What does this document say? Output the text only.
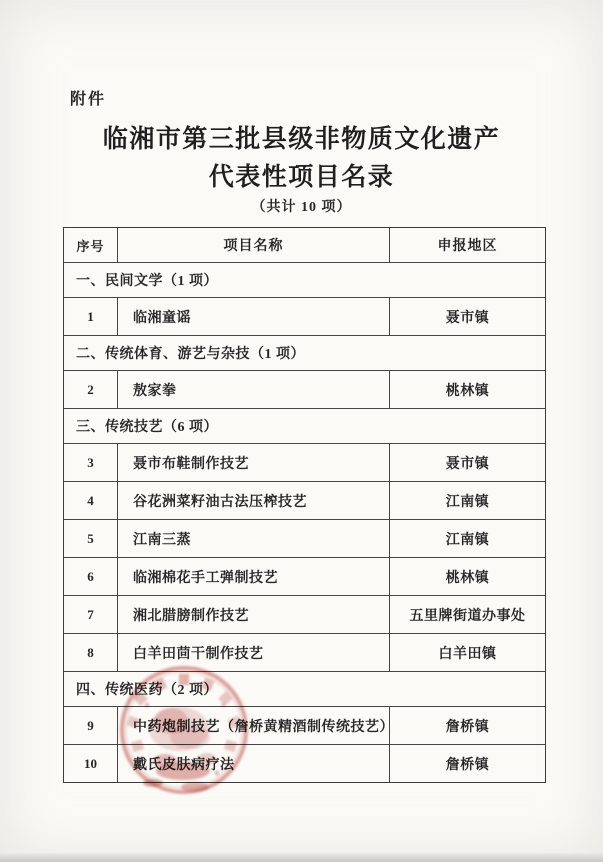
附件
临湘市第三批县级非物质文化遗产
代表性项目名录
（共计 10 项）
序号	项目名称	申报地区
一、民间文学（1 项）
1	临湘童谣	聂市镇
二、传统体育、游艺与杂技（1 项）
2	敖家拳	桃林镇
三、传统技艺（6 项）
3	聂市布鞋制作技艺	聂市镇
4	谷花洲菜籽油古法压榨技艺	江南镇
5	江南三蒸	江南镇
6	临湘棉花手工弹制技艺	桃林镇
7	湘北腊膀制作技艺	五里牌街道办事处
8	白羊田茴干制作技艺	白羊田镇
四、传统医药（2 项）
9	中药炮制技艺（詹桥黄精酒制传统技艺）	詹桥镇
10	戴氏皮肤病疗法	詹桥镇
